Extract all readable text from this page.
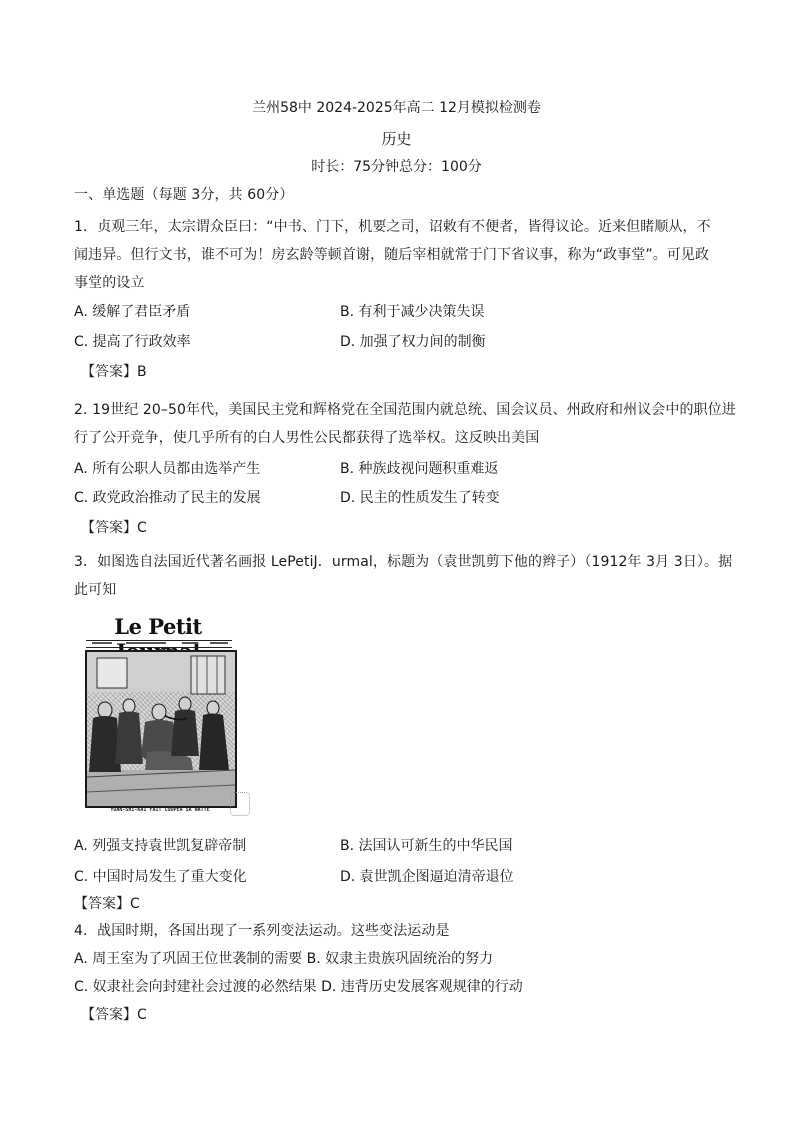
兰州58中 2024-2025年高二 12月模拟检测卷
历史
时长：75分钟总分：100分
一、单选题（每题 3分，共 60分）
1．贞观三年，太宗谓众臣曰：“中书、门下，机要之司，诏敕有不便者，皆得议论。近来但睹顺从，不
闻违异。但行文书，谁不可为！房玄龄等顿首谢，随后宰相就常于门下省议事，称为“政事堂”。可见政
事堂的设立
A. 缓解了君臣矛盾	B. 有利于减少决策失误
C. 提高了行政效率	D. 加强了权力间的制衡
【答案】B
2. 19世纪 20–50年代，美国民主党和辉格党在全国范围内就总统、国会议员、州政府和州议会中的职位进
行了公开竞争，使几乎所有的白人男性公民都获得了选举权。这反映出美国
A. 所有公职人员都由选举产生	B. 种族歧视问题积重难返
C. 政党政治推动了民主的发展	D. 民主的性质发生了转变
【答案】C
3．如图选自法国近代著名画报 LePetiJ．urmal，标题为（袁世凯剪下他的辫子）（1912年 3月 3日）。据
此可知
Le Petit
YUAN-SHI-KAI FAIT COUPER SA NATTE
A. 列强支持袁世凯复辟帝制	B. 法国认可新生的中华民国
C. 中国时局发生了重大变化	D. 袁世凯企图逼迫清帝退位
【答案】C
4．战国时期，各国出现了一系列变法运动。这些变法运动是
A. 周王室为了巩固王位世袭制的需要 B. 奴隶主贵族巩固统治的努力
C. 奴隶社会向封建社会过渡的必然结果 D. 违背历史发展客观规律的行动
【答案】C
